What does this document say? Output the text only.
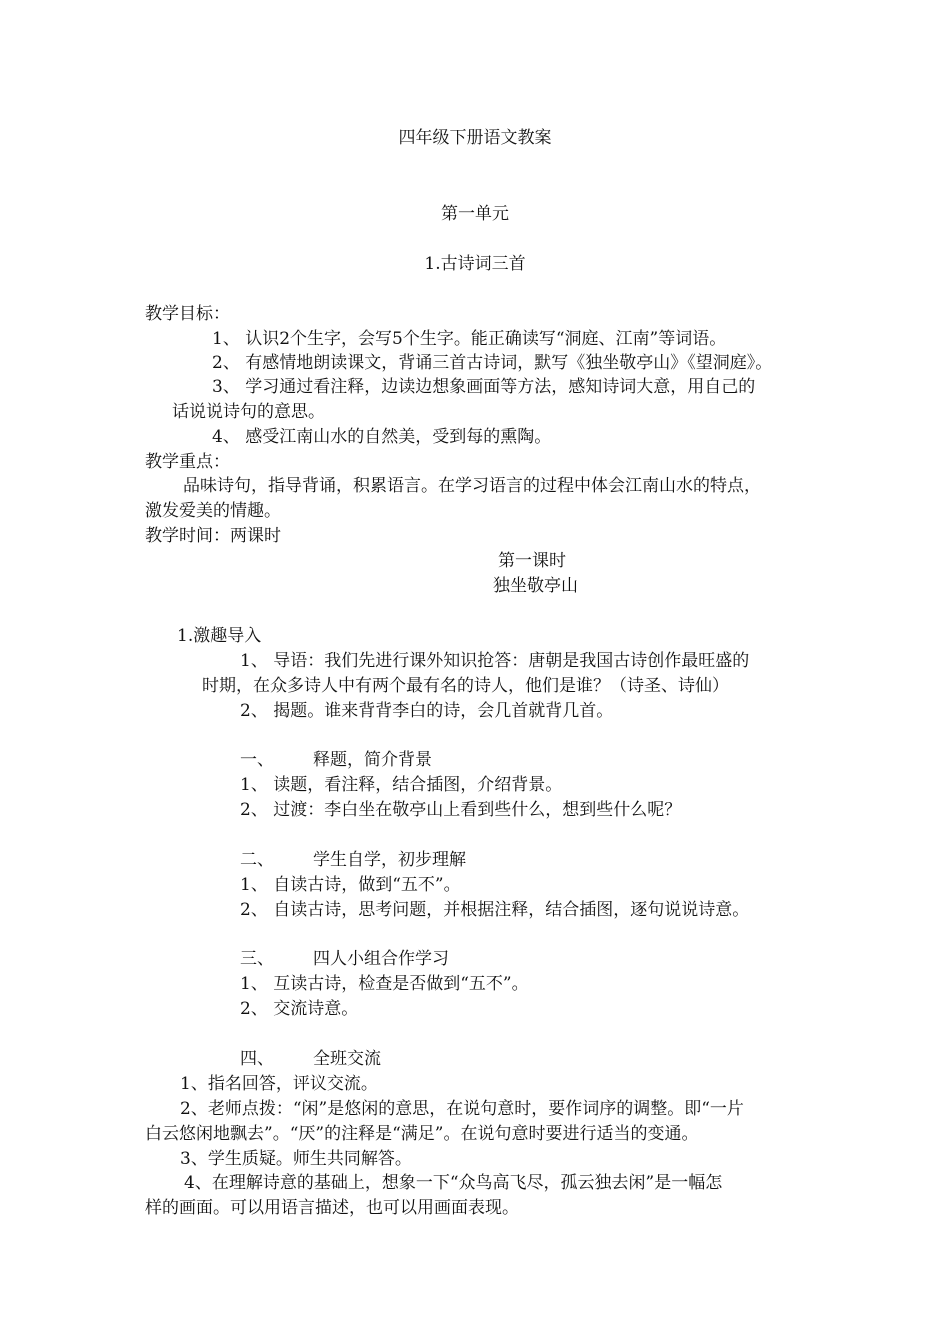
四年级下册语文教案
第一单元
1.古诗词三首
教学目标：
1、 认识2个生字，会写5个生字。能正确读写“洞庭、江南”等词语。
2、 有感情地朗读课文，背诵三首古诗词，默写《独坐敬亭山》《望洞庭》。
3、 学习通过看注释，边读边想象画面等方法，感知诗词大意，用自己的
话说说诗句的意思。
4、 感受江南山水的自然美，受到每的熏陶。
教学重点：
品味诗句，指导背诵，积累语言。在学习语言的过程中体会江南山水的特点，
激发爱美的情趣。
教学时间：两课时
第一课时
独坐敬亭山
1.激趣导入
1、 导语：我们先进行课外知识抢答：唐朝是我国古诗创作最旺盛的
时期，在众多诗人中有两个最有名的诗人，他们是谁？（诗圣、诗仙）
2、 揭题。谁来背背李白的诗，会几首就背几首。
一、 释题，简介背景
1、 读题，看注释，结合插图，介绍背景。
2、 过渡：李白坐在敬亭山上看到些什么，想到些什么呢？
二、 学生自学，初步理解
1、 自读古诗，做到“五不”。
2、 自读古诗，思考问题，并根据注释，结合插图，逐句说说诗意。
三、 四人小组合作学习
1、 互读古诗，检查是否做到“五不”。
2、 交流诗意。
四、 全班交流
1、指名回答，评议交流。
2、老师点拨：“闲”是悠闲的意思，在说句意时，要作词序的调整。即“一片
白云悠闲地飘去”。“厌”的注释是“满足”。在说句意时要进行适当的变通。
3、学生质疑。师生共同解答。
4、在理解诗意的基础上，想象一下“众鸟高飞尽，孤云独去闲”是一幅怎
样的画面。可以用语言描述，也可以用画面表现。
